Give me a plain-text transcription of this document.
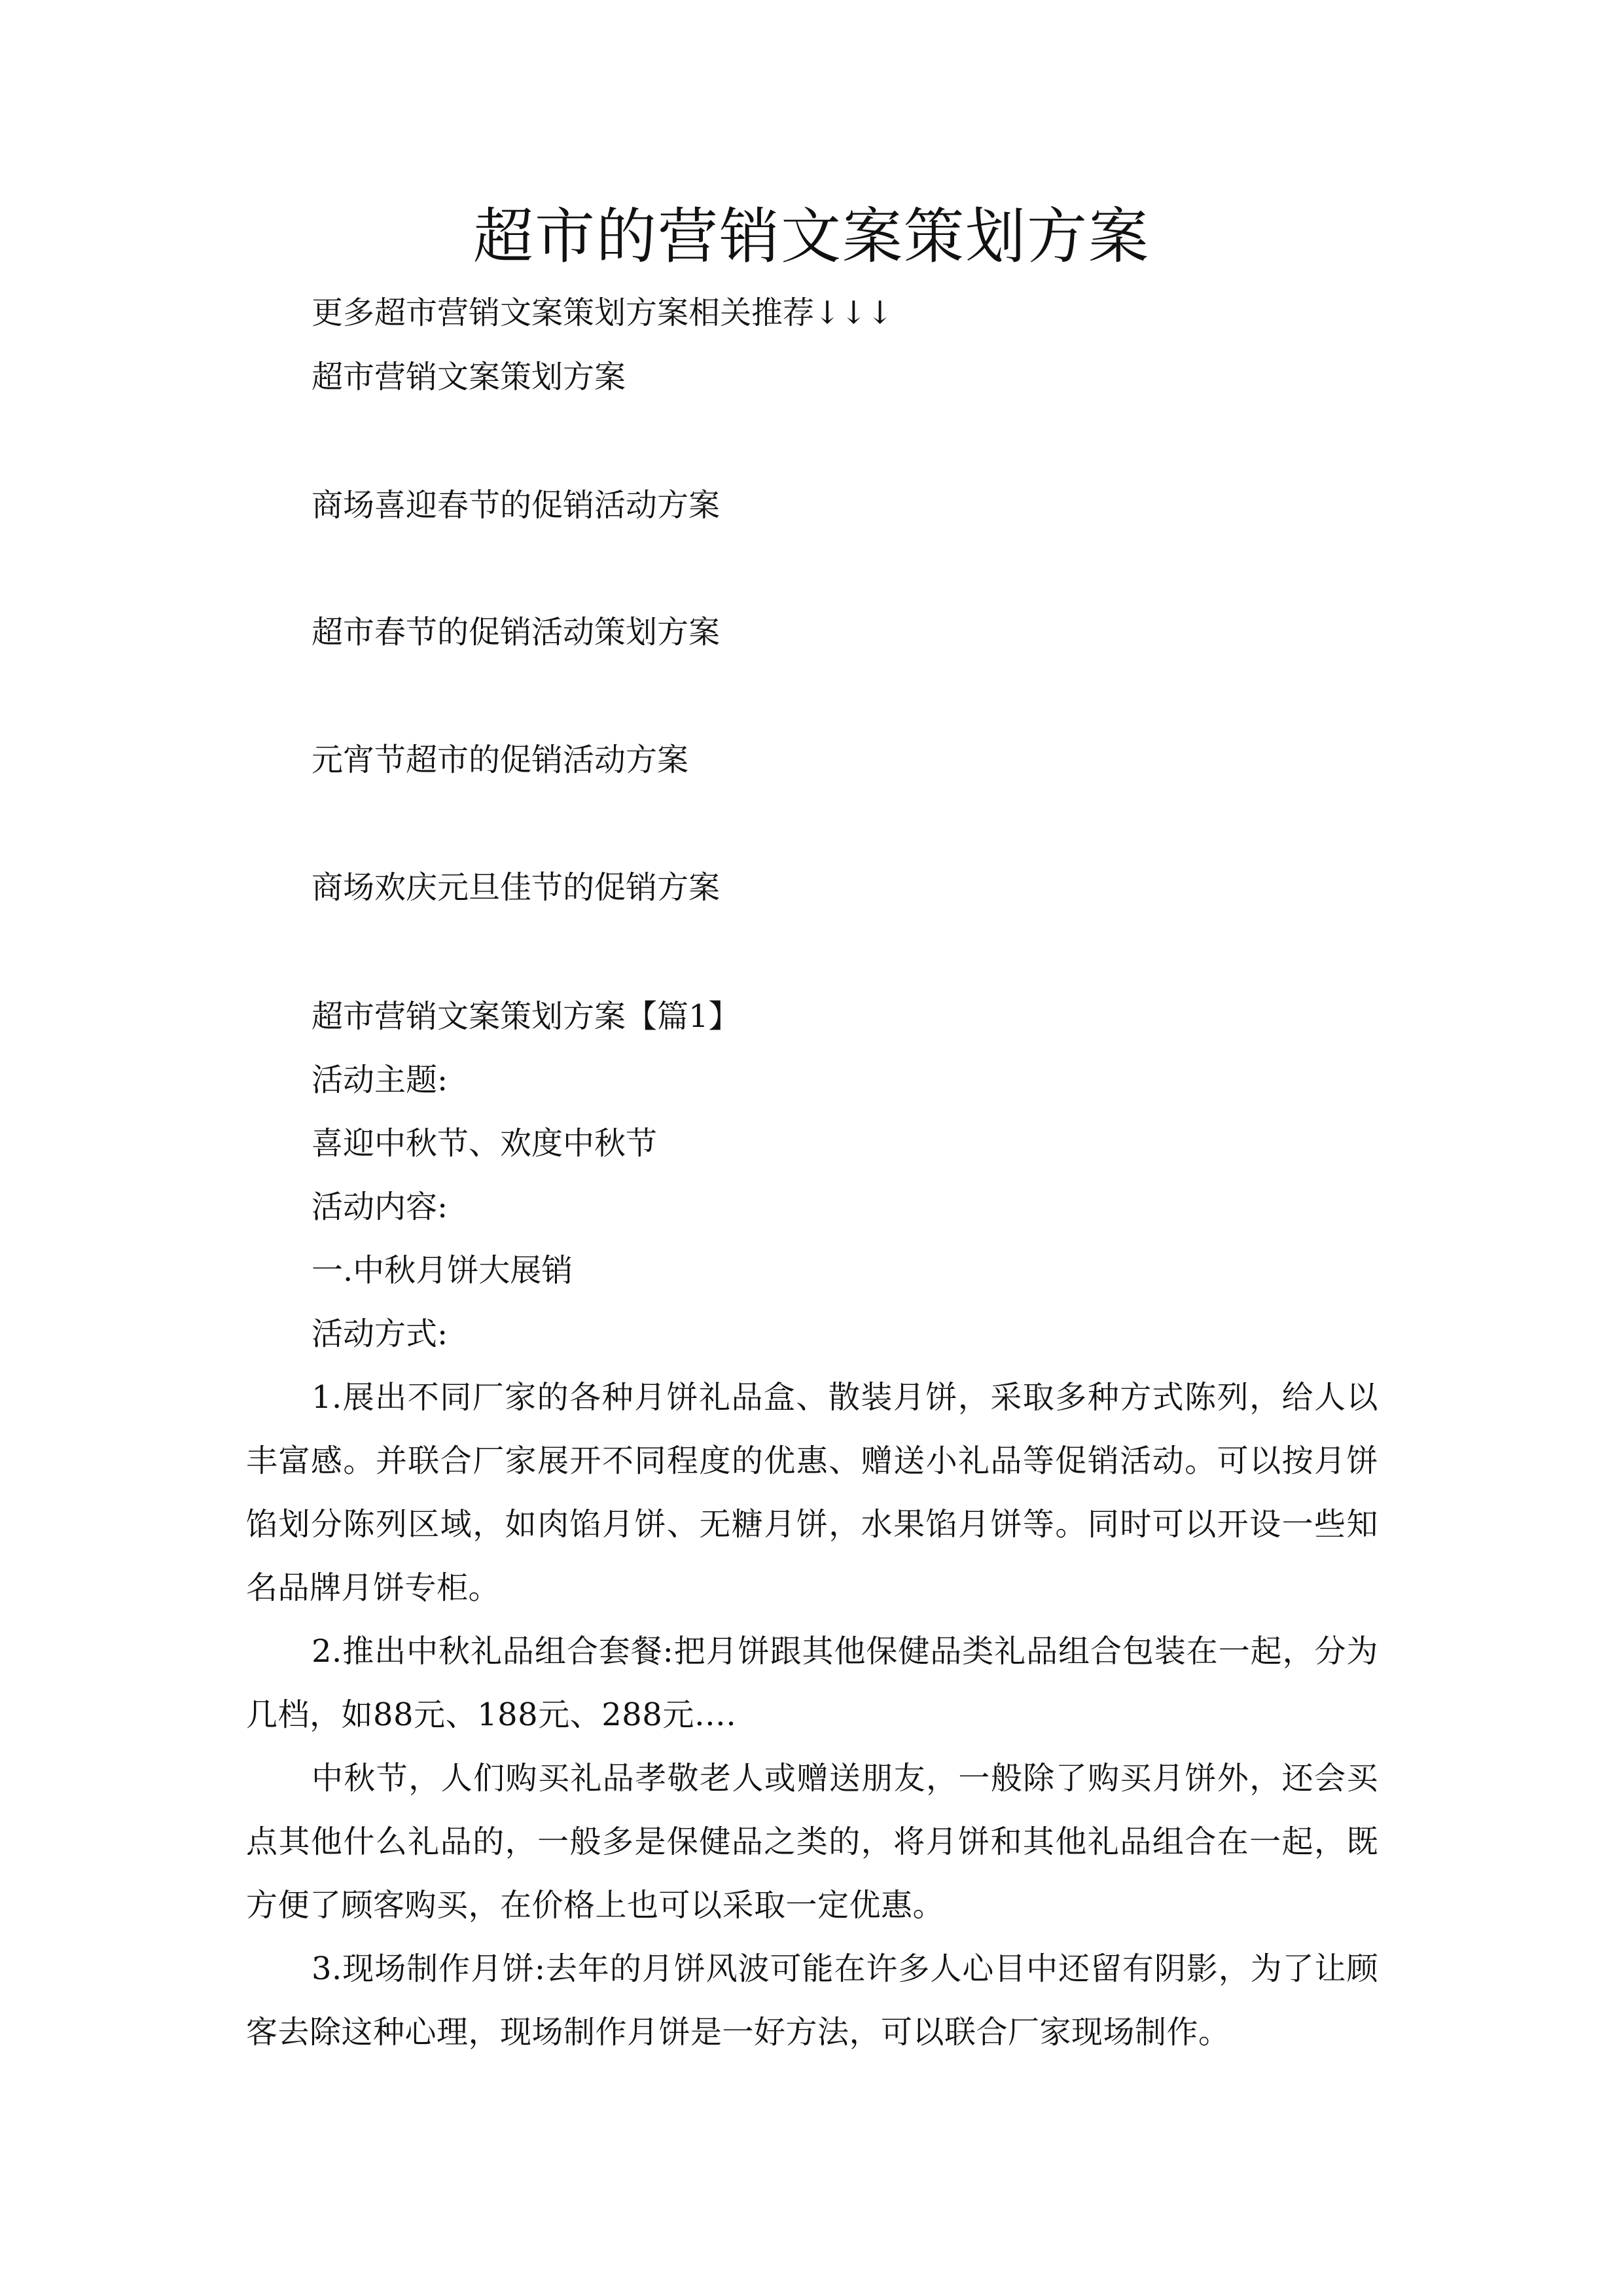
超市的营销文案策划方案

更多超市营销文案策划方案相关推荐↓↓↓

超市营销文案策划方案

商场喜迎春节的促销活动方案

超市春节的促销活动策划方案

元宵节超市的促销活动方案

商场欢庆元旦佳节的促销方案

超市营销文案策划方案【篇1】

活动主题:

喜迎中秋节、欢度中秋节

活动内容:

一.中秋月饼大展销

活动方式:

1.展出不同厂家的各种月饼礼品盒、散装月饼，采取多种方式陈列，给人以丰富感。并联合厂家展开不同程度的优惠、赠送小礼品等促销活动。可以按月饼馅划分陈列区域，如肉馅月饼、无糖月饼，水果馅月饼等。同时可以开设一些知名品牌月饼专柜。

2.推出中秋礼品组合套餐:把月饼跟其他保健品类礼品组合包装在一起，分为几档，如88元、188元、288元….

中秋节，人们购买礼品孝敬老人或赠送朋友，一般除了购买月饼外，还会买点其他什么礼品的，一般多是保健品之类的，将月饼和其他礼品组合在一起，既方便了顾客购买，在价格上也可以采取一定优惠。

3.现场制作月饼:去年的月饼风波可能在许多人心目中还留有阴影，为了让顾客去除这种心理，现场制作月饼是一好方法，可以联合厂家现场制作。
